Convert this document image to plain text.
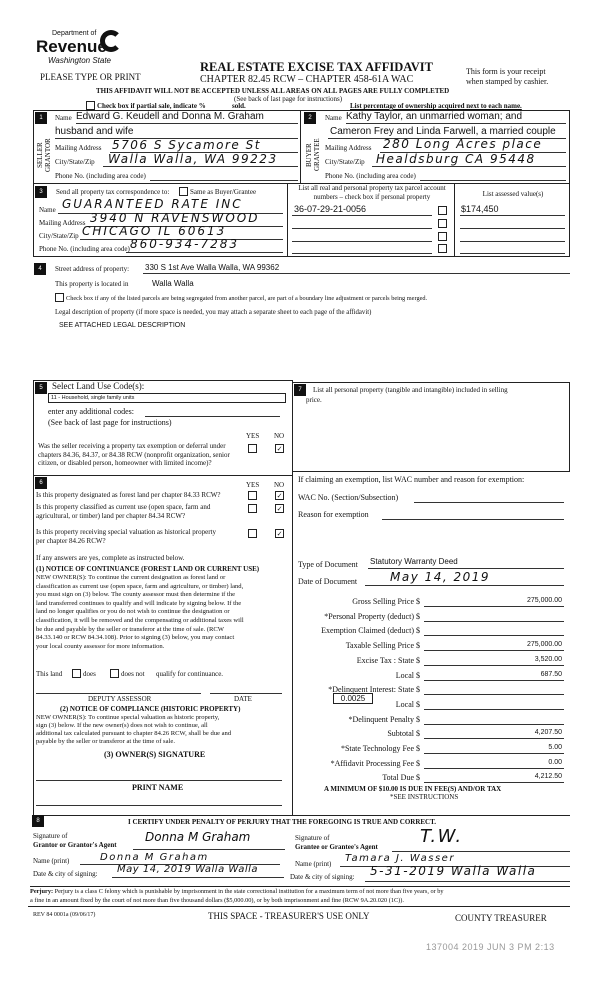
Department of
Revenue
Washington State	REAL ESTATE EXCISE TAX AFFIDAVIT
PLEASE TYPE OR PRINT	CHAPTER 82.45 RCW – CHAPTER 458-61A WAC
This form is your receipt
when stamped by cashier.
THIS AFFIDAVIT WILL NOT BE ACCEPTED UNLESS ALL AREAS ON ALL PAGES ARE FULLY COMPLETED
(See back of last page for instructions)
Check box if partial sale, indicate %	sold.	List percentage of ownership acquired next to each name.
1
SELLER GRANTOR
Name Edward G. Keudell and Donna M. Graham
husband and wife
Mailing Address 5706 S Sycamore St
City/State/Zip Walla Walla, WA 99223
Phone No. (including area code)
2
BUYER GRANTEE
Name Kathy Taylor, an unmarried woman; and
Cameron Frey and Linda Farwell, a married couple
Mailing Address 280 Long Acres place
City/State/Zip Healdsburg CA 95448
Phone No. (including area code)
3	Send all property tax correspondence to:	Same as Buyer/Grantee
Name GUARANTEED RATE INC
Mailing Address 3940 N RAVENSWOOD
City/State/Zip CHICAGO IL 60613
Phone No. (including area code) 860-934-7283
List all real and personal property tax parcel account
numbers – check box if personal property	List assessed value(s)
36-07-29-21-0056	$174,450
4	Street address of property: 330 S 1st Ave Walla Walla, WA 99362
This property is located in	Walla Walla
Check box if any of the listed parcels are being segregated from another parcel, are part of a boundary line adjustment or parcels being merged.
Legal description of property (if more space is needed, you may attach a separate sheet to each page of the affidavit)
SEE ATTACHED LEGAL DESCRIPTION
5	Select Land Use Code(s):
11 - Household, single family units
enter any additional codes:
(See back of last page for instructions)
YES NO
Was the seller receiving a property tax exemption or deferral under
chapters 84.36, 84.37, or 84.38 RCW (nonprofit organization, senior
citizen, or disabled person, homeowner with limited income)?
✓
6	YES NO
Is this property designated as forest land per chapter 84.33 RCW?	✓
Is this property classified as current use (open space, farm and
agricultural, or timber) land per chapter 84.34 RCW?
✓
Is this property receiving special valuation as historical property
per chapter 84.26 RCW?
✓
If any answers are yes, complete as instructed below.
(1) NOTICE OF CONTINUANCE (FOREST LAND OR CURRENT USE)
NEW OWNER(S): To continue the current designation as forest land or
classification as current use (open space, farm and agriculture, or timber) land,
you must sign on (3) below. The county assessor must then determine if the
land transferred continues to qualify and will indicate by signing below. If the
land no longer qualifies or you do not wish to continue the designation or
classification, it will be removed and the compensating or additional taxes will
be due and payable by the seller or transferor at the time of sale. (RCW
84.33.140 or RCW 84.34.108). Prior to signing (3) below, you may contact
your local county assessor for more information.
This land	does	does not qualify for continuance.
DEPUTY ASSESSOR	DATE
(2) NOTICE OF COMPLIANCE (HISTORIC PROPERTY)
NEW OWNER(S): To continue special valuation as historic property,
sign (3) below. If the new owner(s) does not wish to continue, all
additional tax calculated pursuant to chapter 84.26 RCW, shall be due and
payable by the seller or transferor at the time of sale.
(3) OWNER(S) SIGNATURE
PRINT NAME
7	List all personal property (tangible and intangible) included in selling
price.
If claiming an exemption, list WAC number and reason for exemption:
WAC No. (Section/Subsection)
Reason for exemption
Type of Document Statutory Warranty Deed
Date of Document	May 14, 2019
0.0025
Gross Selling Price $	275,000.00
*Personal Property (deduct) $
Exemption Claimed (deduct) $
Taxable Selling Price $	275,000.00
Excise Tax : State $	3,520.00
Local $	687.50
*Delinquent Interest: State $
Local $
*Delinquent Penalty $
Subtotal $	4,207.50
*State Technology Fee $	5.00
*Affidavit Processing Fee $	0.00
Total Due $	4,212.50
A MINIMUM OF $10.00 IS DUE IN FEE(S) AND/OR TAX
*SEE INSTRUCTIONS
8	I CERTIFY UNDER PENALTY OF PERJURY THAT THE FOREGOING IS TRUE AND CORRECT.
Signature of
Grantor or Grantor's Agent
Donna M Graham
Name (print)	Donna M Graham
Date & city of signing: May 14, 2019 Walla Walla
Signature of
Grantee or Grantee's Agent T.W.
Name (print) Tamara J. Wasser
Date & city of signing: 5-31-2019 Walla Walla
Perjury: Perjury is a class C felony which is punishable by imprisonment in the state correctional institution for a maximum term of not more than five years, or by
a fine in an amount fixed by the court of not more than five thousand dollars ($5,000.00), or by both imprisonment and fine (RCW 9A.20.020 (1C)).
REV 84 0001a (09/06/17)	THIS SPACE - TREASURER'S USE ONLY	COUNTY TREASURER
137004 2019 JUN 3 PM 2:13
